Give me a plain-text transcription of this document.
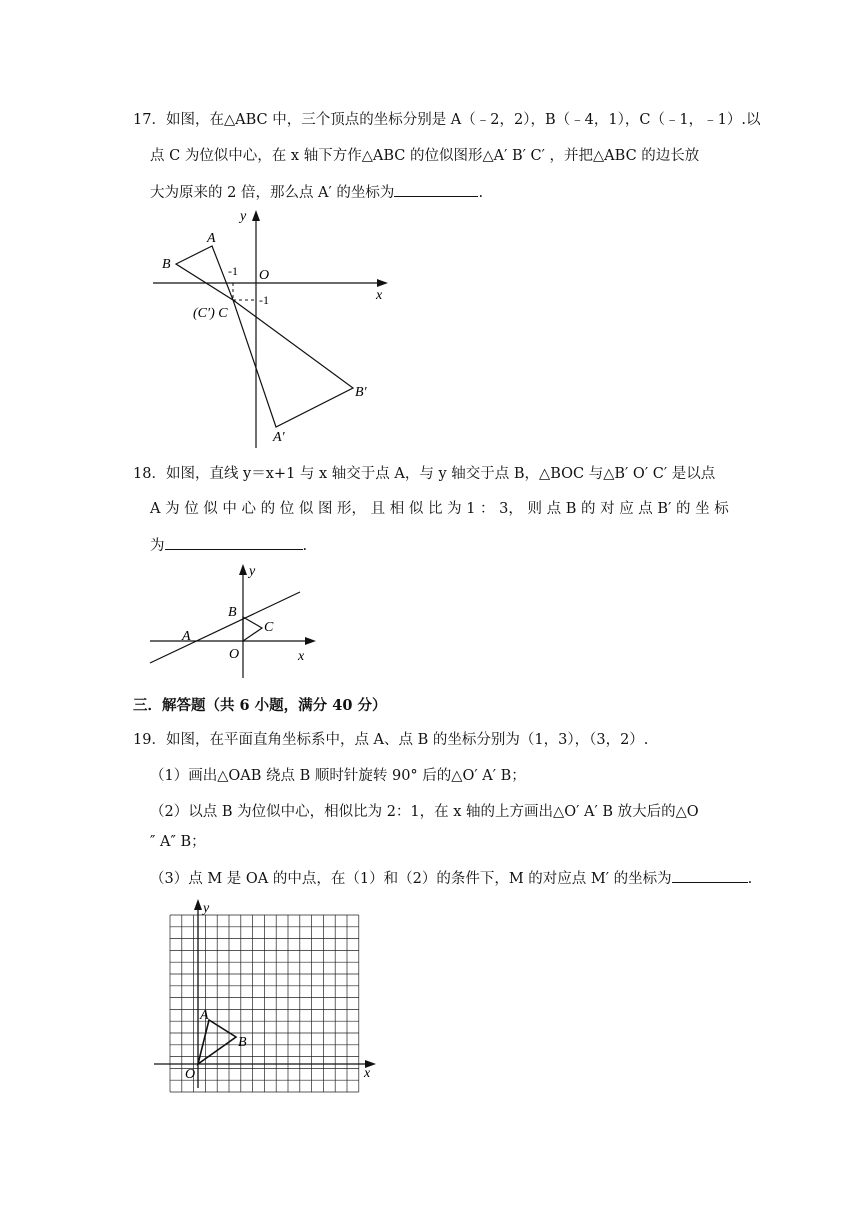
17．如图，在△ABC 中，三个顶点的坐标分别是 A（﹣2，2），B（﹣4，1），C（﹣1，﹣1）.以
点 C 为位似中心，在 x 轴下方作△ABC 的位似图形△A′ B′ C′ ，并把△ABC 的边长放
大为原来的 2 倍，那么点 A′ 的坐标为	.
y
x
O
A
B
(C′) C
A′
B′
-1
-1
18．如图，直线 y＝x+1 与 x 轴交于点 A，与 y 轴交于点 B，△BOC 与△B′ O′ C′ 是以点
A 为 位 似 中 心 的 位 似 图 形， 且 相 似 比 为 1 ： 3， 则 点 B 的 对 应 点 B′ 的 坐 标
为	.
y
x
O
A
B
C
三．解答题（共 6 小题，满分 40 分）
19．如图，在平面直角坐标系中，点 A、点 B 的坐标分别为（1，3），（3，2）.
（1）画出△OAB 绕点 B 顺时针旋转 90° 后的△O′ A′ B；
（2）以点 B 为位似中心，相似比为 2：1，在 x 轴的上方画出△O′ A′ B 放大后的△O
″ A″ B；
（3）点 M 是 OA 的中点，在（1）和（2）的条件下，M 的对应点 M′ 的坐标为	.
y
x
O
A
B
